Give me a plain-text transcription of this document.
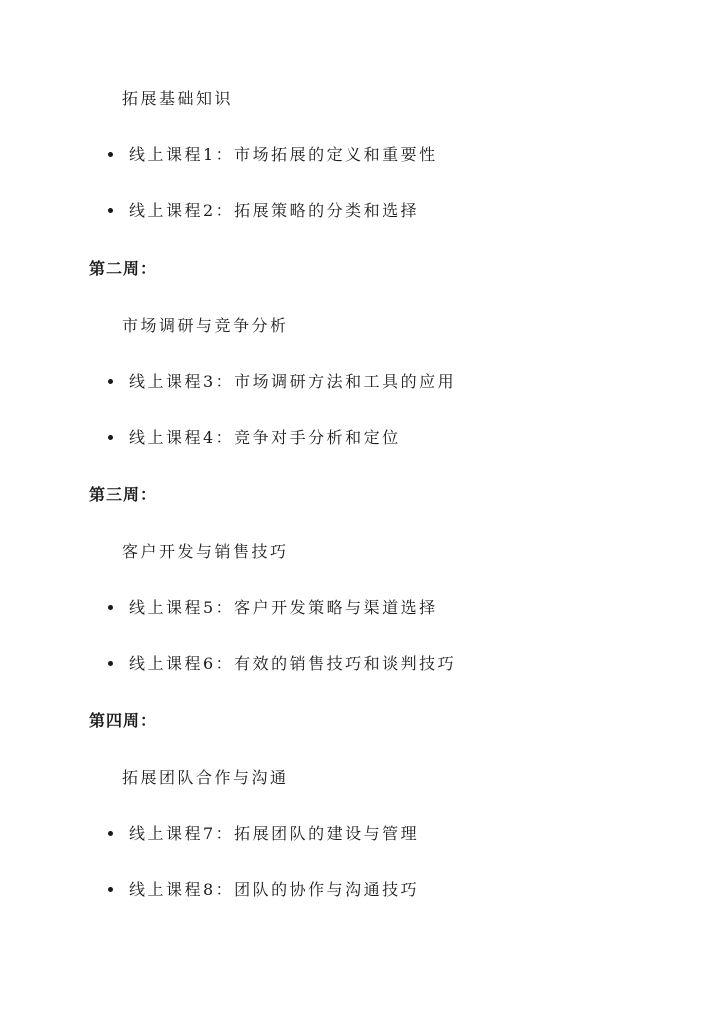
拓展基础知识
线上课程1：市场拓展的定义和重要性
线上课程2：拓展策略的分类和选择
第二周：
市场调研与竞争分析
线上课程3：市场调研方法和工具的应用
线上课程4：竞争对手分析和定位
第三周：
客户开发与销售技巧
线上课程5：客户开发策略与渠道选择
线上课程6：有效的销售技巧和谈判技巧
第四周：
拓展团队合作与沟通
线上课程7：拓展团队的建设与管理
线上课程8：团队的协作与沟通技巧
